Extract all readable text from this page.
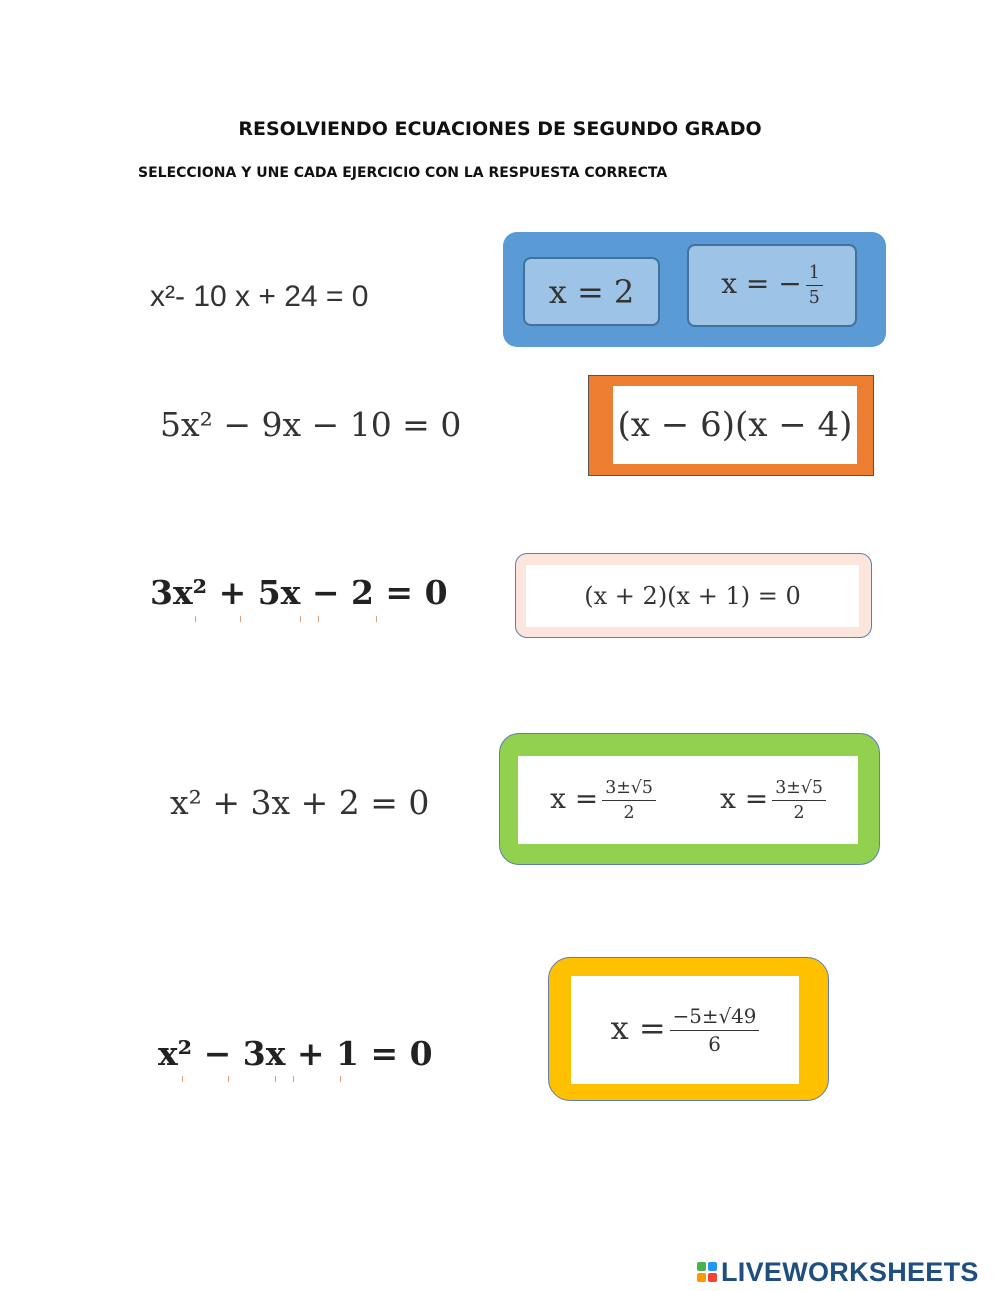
RESOLVIENDO ECUACIONES DE SEGUNDO GRADO
SELECCIONA Y UNE CADA EJERCICIO CON LA RESPUESTA CORRECTA
x²- 10 x + 24 = 0
5x² − 9x − 10 = 0
3x² + 5x − 2 = 0
x² + 3x + 2 = 0
x² − 3x + 1 = 0
x = 2	x = − $\frac{1}{5}$
(x − 6)(x − 4)
(x + 2)(x + 1) = 0
$x = \frac{3\pm√5}{2}$ $x = \frac{3\pm√5}{2}$
$x = \frac{-5\pm√49}{6}$
LIVEWORKSHEETS
